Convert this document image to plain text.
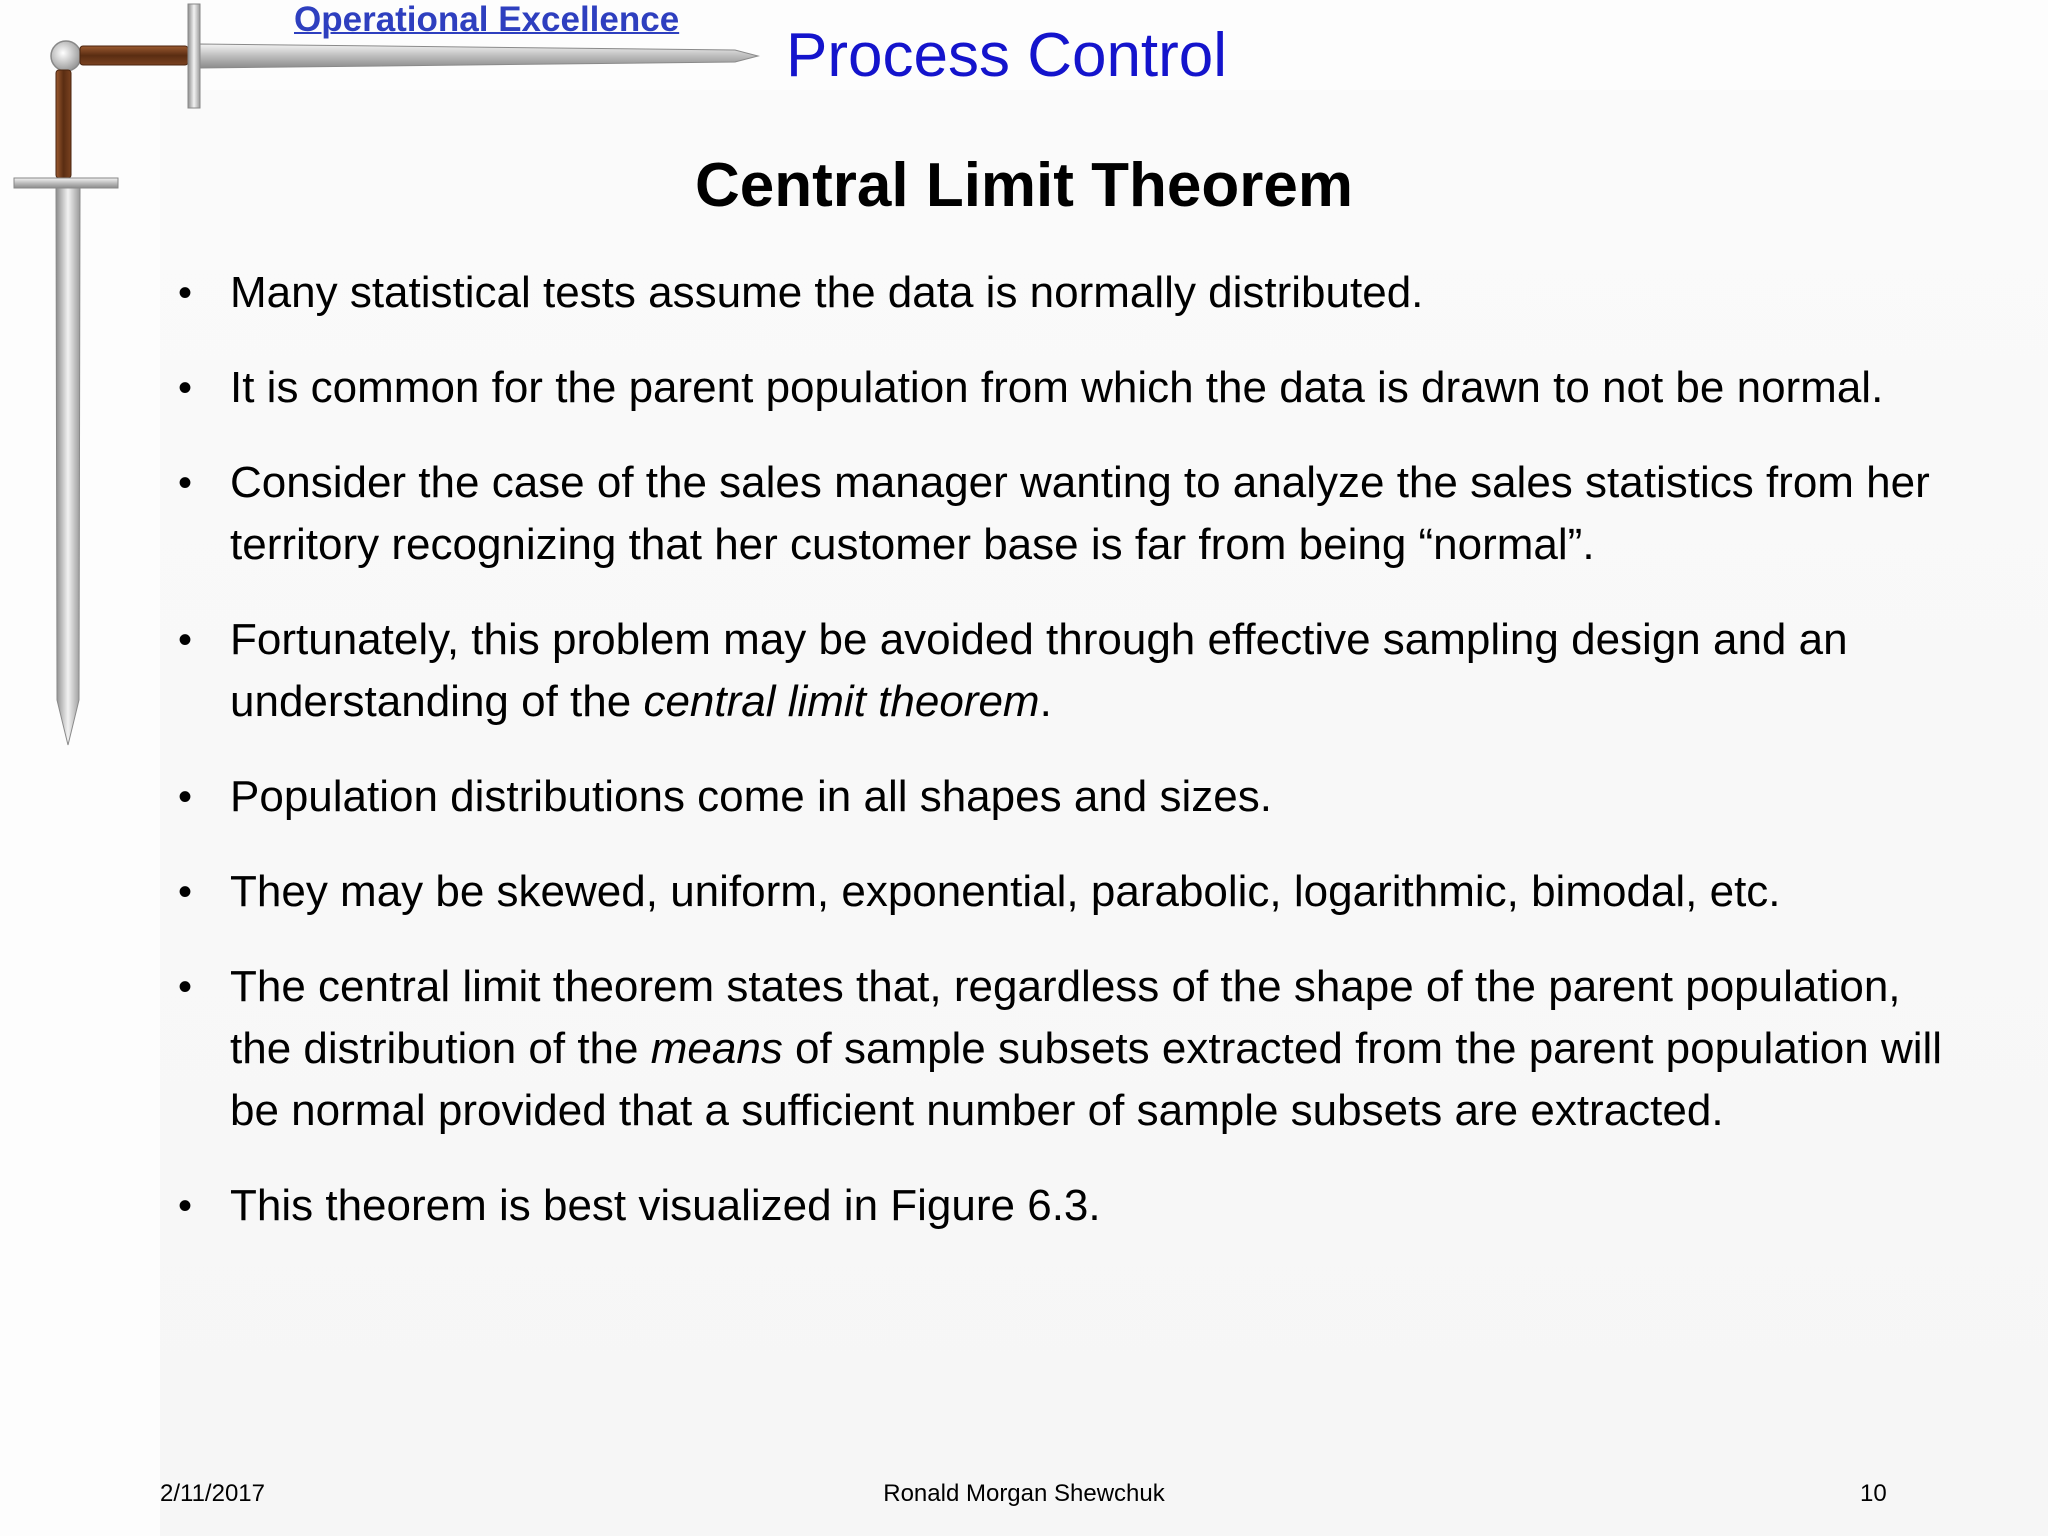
Operational Excellence
Process Control
Central Limit Theorem
• Many statistical tests assume the data is normally distributed.
• It is common for the parent population from which the data is drawn to not be normal.
• Consider the case of the sales manager wanting to analyze the sales statistics from her territory recognizing that her customer base is far from being “normal”.
• Fortunately, this problem may be avoided through effective sampling design and an understanding of the central limit theorem.
• Population distributions come in all shapes and sizes.
• They may be skewed, uniform, exponential, parabolic, logarithmic, bimodal, etc.
• The central limit theorem states that, regardless of the shape of the parent population, the distribution of the means of sample subsets extracted from the parent population will be normal provided that a sufficient number of sample subsets are extracted.
• This theorem is best visualized in Figure 6.3.
2/11/2017	Ronald Morgan Shewchuk	10
